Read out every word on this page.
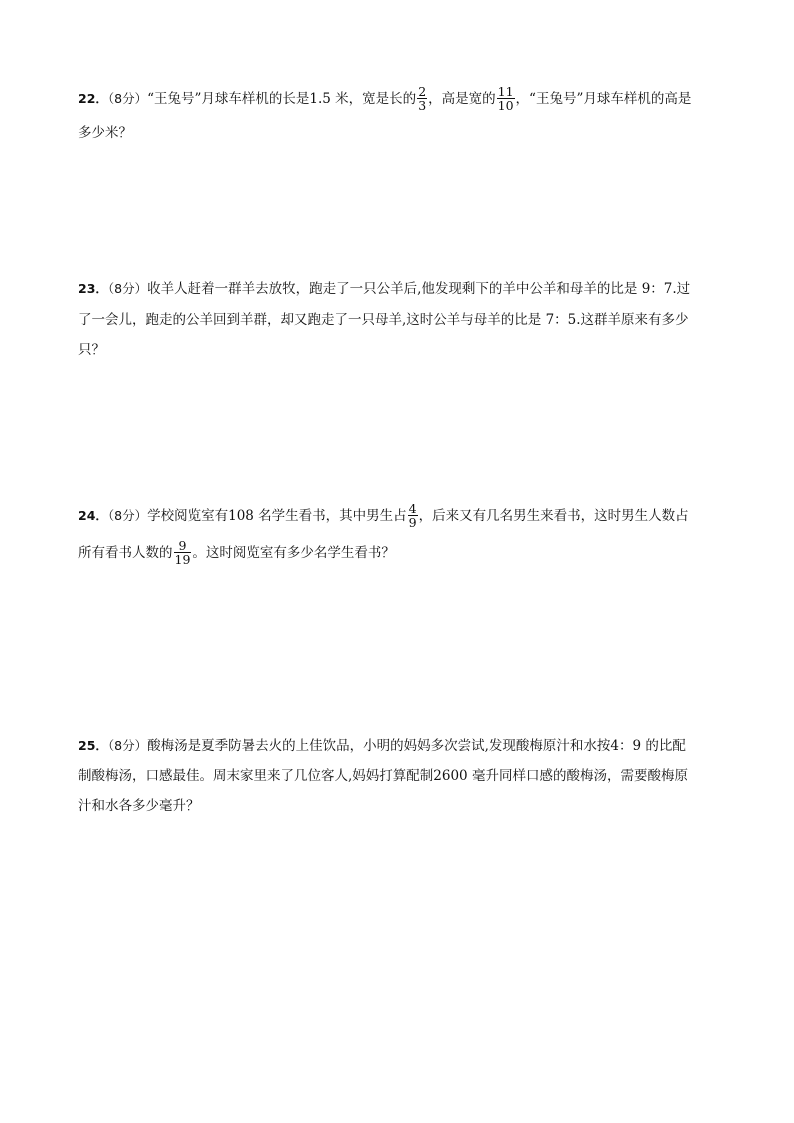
22．（8分）“王兔号”月球车样机的长是1.5 米，宽是长的 $\frac{2}{3}$ ，高是宽的 $\frac{11}{10}$ ，“王兔号”月球车样机的高是
多少米？
23．（8分）收羊人赶着一群羊去放牧，跑走了一只公羊后,他发现剩下的羊中公羊和母羊的比是 9：7.过
了一会儿，跑走的公羊回到羊群，却又跑走了一只母羊,这时公羊与母羊的比是 7：5.这群羊原来有多少
只？
24．（8分）学校阅览室有108 名学生看书，其中男生占 $\frac{4}{9}$ ，后来又有几名男生来看书，这时男生人数占
所有看书人数的 $\frac{9}{19}$ 。这时阅览室有多少名学生看书？
25．（8分）酸梅汤是夏季防暑去火的上佳饮品，小明的妈妈多次尝试,发现酸梅原汁和水按4：9 的比配
制酸梅汤，口感最佳。周末家里来了几位客人,妈妈打算配制2600 毫升同样口感的酸梅汤，需要酸梅原
汁和水各多少毫升？
